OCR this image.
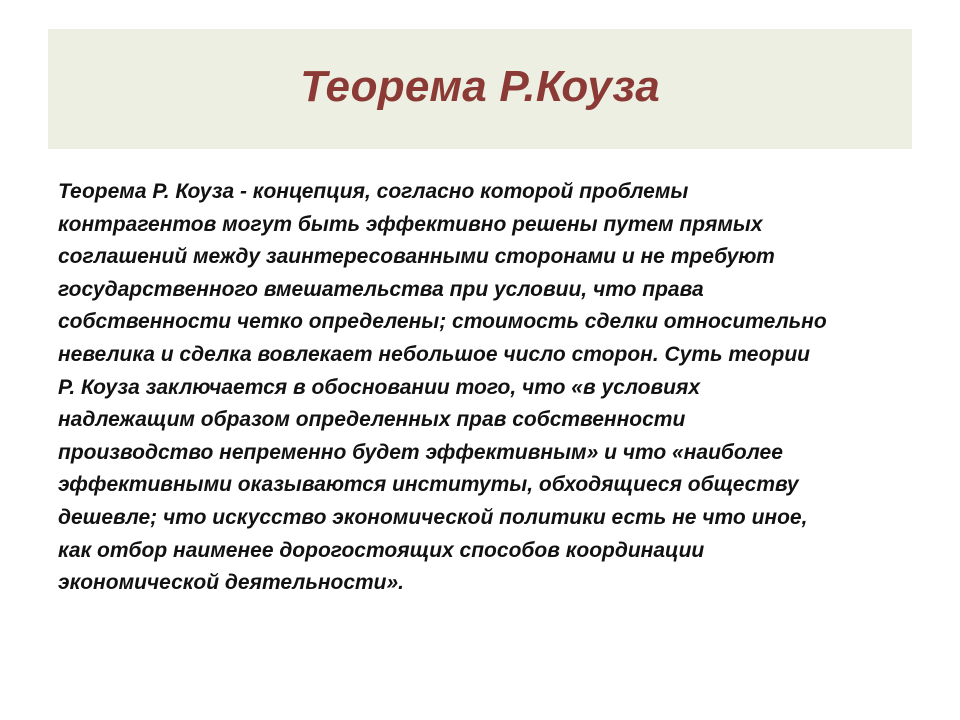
Теорема Р.Коуза
Теорема Р. Коуза - концепция, согласно которой проблемы
контрагентов могут быть эффективно решены путем прямых
соглашений между заинтересованными сторонами и не требуют
государственного вмешательства при условии, что права
собственности четко определены; стоимость сделки относительно
невелика и сделка вовлекает небольшое число сторон. Суть теории
Р. Коуза заключается в обосновании того, что «в условиях
надлежащим образом определенных прав собственности
производство непременно будет эффективным» и что «наиболее
эффективными оказываются институты, обходящиеся обществу
дешевле; что искусство экономической политики есть не что иное,
как отбор наименее дорогостоящих способов координации
экономической деятельности».
